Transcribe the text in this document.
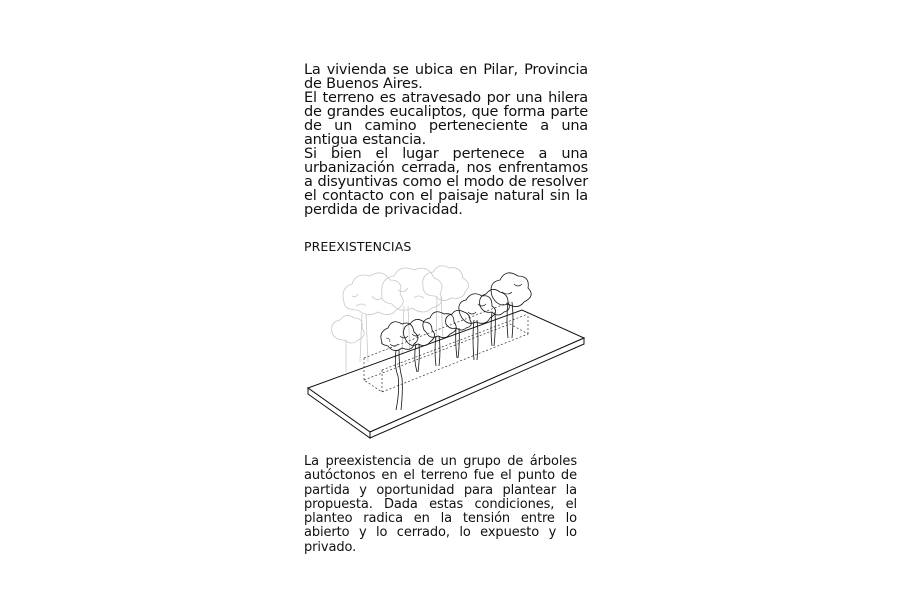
La vivienda se ubica en Pilar, Provincia de Buenos Aires.

El terreno es atravesado por una hilera de grandes eucaliptos, que forma parte de un camino perteneciente a una antigua estancia.

Si bien el lugar pertenece a una urbanización cerrada, nos enfrentamos a disyuntivas como el modo de resolver el contacto con el paisaje natural sin la perdida de privacidad.

PREEXISTENCIAS

La preexistencia de un grupo de árboles autóctonos en el terreno fue el punto de partida y oportunidad para plantear la propuesta. Dada estas condiciones, el planteo radica en la tensión entre lo abierto y lo cerrado, lo expuesto y lo privado.
